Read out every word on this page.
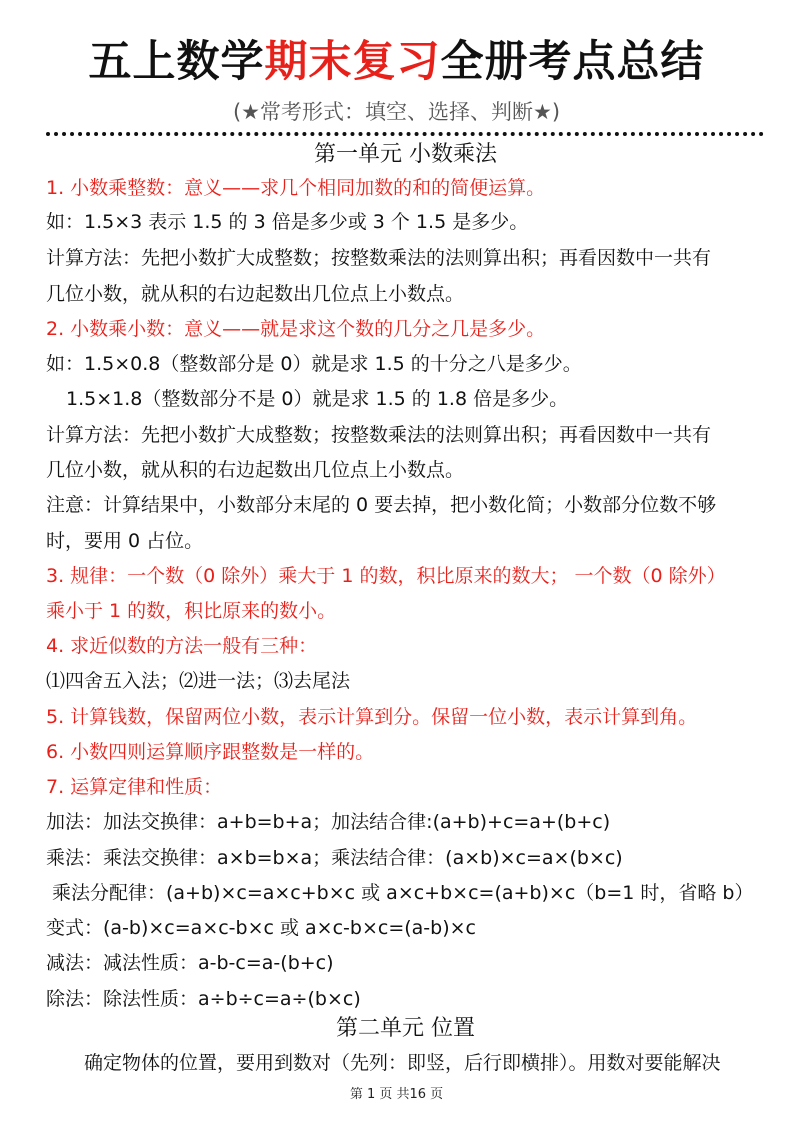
五上数学期末复习全册考点总结
(★常考形式：填空、选择、判断★)
第一单元 小数乘法
1. 小数乘整数：意义——求几个相同加数的和的简便运算。
如：1.5×3 表示 1.5 的 3 倍是多少或 3 个 1.5 是多少。
计算方法：先把小数扩大成整数；按整数乘法的法则算出积；再看因数中一共有
几位小数，就从积的右边起数出几位点上小数点。
2. 小数乘小数：意义——就是求这个数的几分之几是多少。
如：1.5×0.8（整数部分是 0）就是求 1.5 的十分之八是多少。
1.5×1.8（整数部分不是 0）就是求 1.5 的 1.8 倍是多少。
计算方法：先把小数扩大成整数；按整数乘法的法则算出积；再看因数中一共有
几位小数，就从积的右边起数出几位点上小数点。
注意：计算结果中，小数部分末尾的 0 要去掉，把小数化简；小数部分位数不够
时，要用 0 占位。
3. 规律：一个数（0 除外）乘大于 1 的数，积比原来的数大； 一个数（0 除外）
乘小于 1 的数，积比原来的数小。
4. 求近似数的方法一般有三种：
⑴四舍五入法；⑵进一法；⑶去尾法
5. 计算钱数，保留两位小数，表示计算到分。保留一位小数，表示计算到角。
6. 小数四则运算顺序跟整数是一样的。
7. 运算定律和性质：
加法：加法交换律：a+b=b+a；加法结合律:(a+b)+c=a+(b+c)
乘法：乘法交换律：a×b=b×a；乘法结合律：(a×b)×c=a×(b×c)
乘法分配律：(a+b)×c=a×c+b×c 或 a×c+b×c=(a+b)×c（b=1 时，省略 b）
变式：(a-b)×c=a×c-b×c 或 a×c-b×c=(a-b)×c
减法：减法性质：a-b-c=a-(b+c)
除法：除法性质：a÷b÷c=a÷(b×c)
第二单元 位置
确定物体的位置，要用到数对（先列：即竖，后行即横排）。用数对要能解决
第 1 页 共16 页
